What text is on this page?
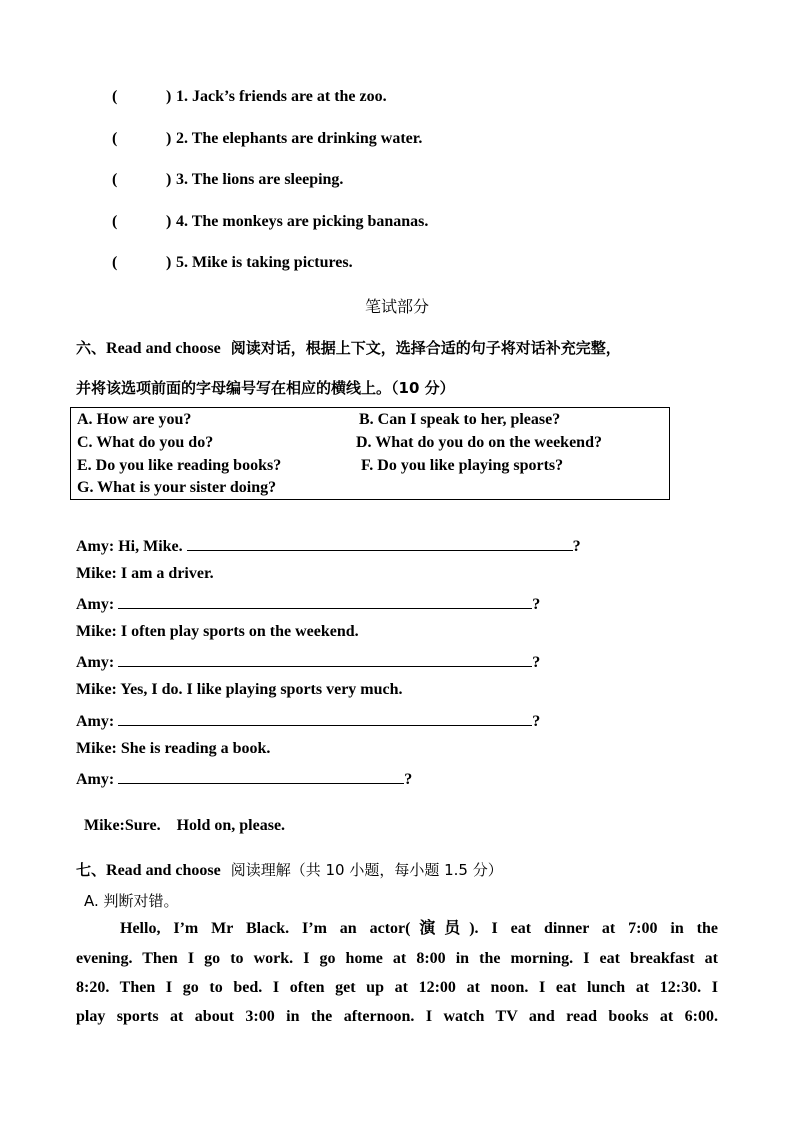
(	) 1. Jack’s friends are at the zoo.
(	) 2. The elephants are drinking water.
(	) 3. The lions are sleeping.
(	) 4. The monkeys are picking bananas.
(	) 5. Mike is taking pictures.
笔试部分
六、Read and choose 阅读对话，根据上下文，选择合适的句子将对话补充完整，
并将该选项前面的字母编号写在相应的横线上。（10 分）
A. How are you?	B. Can I speak to her, please?
C. What do you do?	D. What do you do on the weekend?
E. Do you like reading books?	F. Do you like playing sports?
G. What is your sister doing?
Amy: Hi, Mike.	?
Mike: I am a driver.
Amy:	?
Mike: I often play sports on the weekend.
Amy:	?
Mike: Yes, I do. I like playing sports very much.
Amy:	?
Mike: She is reading a book.
Amy:	?

Mike:Sure.    Hold on, please.

七、Read and choose 阅读理解（共 10 小题，每小题 1.5 分）
A. 判断对错。
Hello, I’m Mr Black. I’m an actor(演员). I eat dinner at 7:00 in the
evening. Then I go to work. I go home at 8:00 in the morning. I eat breakfast at
8:20. Then I go to bed. I often get up at 12:00 at noon. I eat lunch at 12:30. I
play sports at about 3:00 in the afternoon. I watch TV and read books at 6:00.
